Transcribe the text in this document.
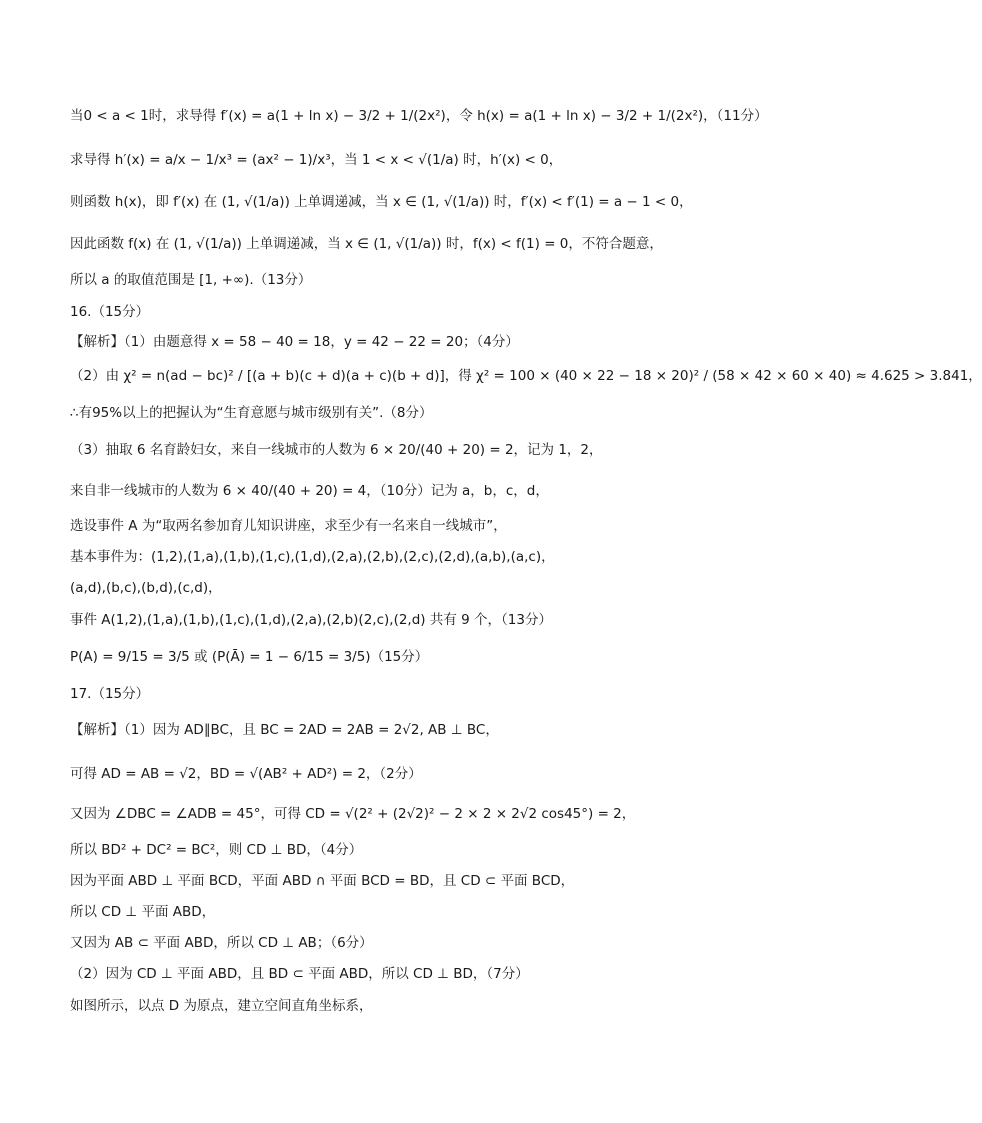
当0 < a < 1时，求导得 f′(x) = a(1 + ln x) − 3/2 + 1/(2x²)，令 h(x) = a(1 + ln x) − 3/2 + 1/(2x²)，（11分）
求导得 h′(x) = a/x − 1/x³ = (ax² − 1)/x³，当 1 < x < √(1/a) 时，h′(x) < 0，
则函数 h(x)，即 f′(x) 在 (1, √(1/a)) 上单调递减，当 x ∈ (1, √(1/a)) 时，f′(x) < f′(1) = a − 1 < 0，
因此函数 f(x) 在 (1, √(1/a)) 上单调递减，当 x ∈ (1, √(1/a)) 时，f(x) < f(1) = 0，不符合题意，
所以 a 的取值范围是 [1, +∞).（13分）
16.（15分）
【解析】（1）由题意得 x = 58 − 40 = 18，y = 42 − 22 = 20；（4分）
（2）由 χ² = n(ad − bc)² / [(a + b)(c + d)(a + c)(b + d)]，得 χ² = 100 × (40 × 22 − 18 × 20)² / (58 × 42 × 60 × 40) ≈ 4.625 > 3.841，
∴有95%以上的把握认为“生育意愿与城市级别有关”.（8分）
（3）抽取 6 名育龄妇女，来自一线城市的人数为 6 × 20/(40 + 20) = 2，记为 1，2，
来自非一线城市的人数为 6 × 40/(40 + 20) = 4，（10分）记为 a，b，c，d，
选设事件 A 为“取两名参加育儿知识讲座，求至少有一名来自一线城市”，
基本事件为：(1,2),(1,a),(1,b),(1,c),(1,d),(2,a),(2,b),(2,c),(2,d),(a,b),(a,c)，
(a,d),(b,c),(b,d),(c,d)，
事件 A(1,2),(1,a),(1,b),(1,c),(1,d),(2,a),(2,b)(2,c),(2,d) 共有 9 个，（13分）
P(A) = 9/15 = 3/5 或 (P(Ā) = 1 − 6/15 = 3/5)（15分）
17.（15分）
【解析】（1）因为 AD∥BC，且 BC = 2AD = 2AB = 2√2, AB ⊥ BC，
可得 AD = AB = √2，BD = √(AB² + AD²) = 2，（2分）
又因为 ∠DBC = ∠ADB = 45°，可得 CD = √(2² + (2√2)² − 2 × 2 × 2√2 cos45°) = 2，
所以 BD² + DC² = BC²，则 CD ⊥ BD，（4分）
因为平面 ABD ⊥ 平面 BCD，平面 ABD ∩ 平面 BCD = BD，且 CD ⊂ 平面 BCD，
所以 CD ⊥ 平面 ABD，
又因为 AB ⊂ 平面 ABD，所以 CD ⊥ AB；（6分）
（2）因为 CD ⊥ 平面 ABD，且 BD ⊂ 平面 ABD，所以 CD ⊥ BD，（7分）
如图所示，以点 D 为原点，建立空间直角坐标系，
